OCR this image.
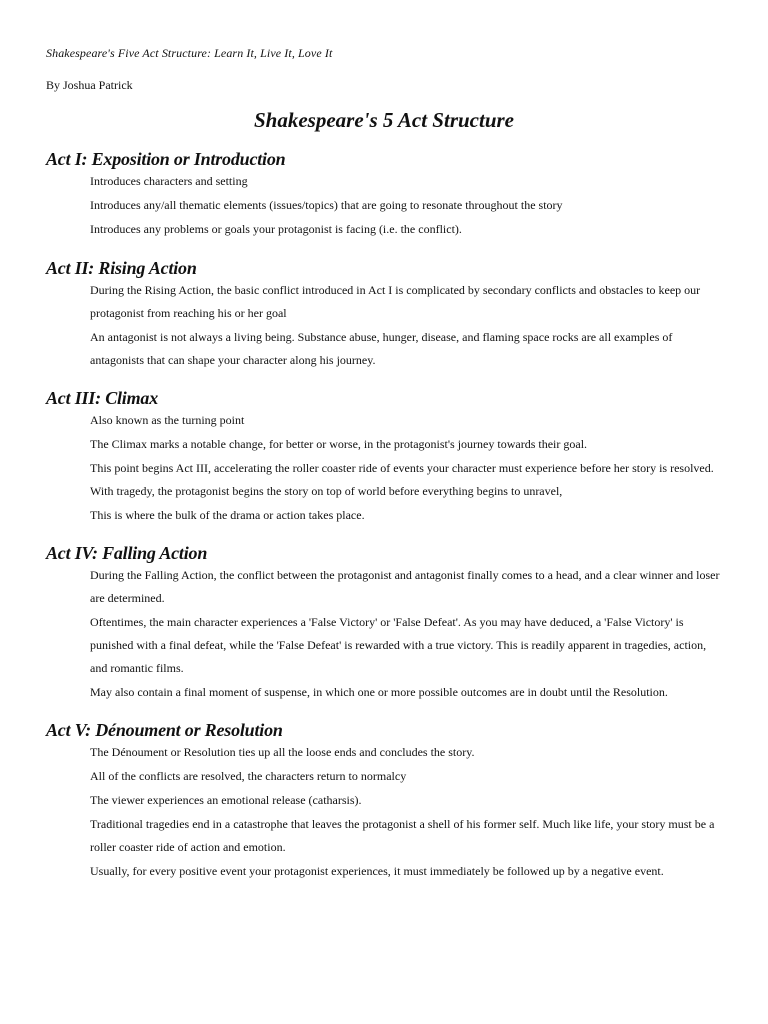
Shakespeare's Five Act Structure: Learn It, Live It, Love It
By Joshua Patrick
Shakespeare's 5 Act Structure
Act I: Exposition or Introduction

Introduces characters and setting

Introduces any/all thematic elements (issues/topics) that are going to resonate throughout the story

Introduces any problems or goals your protagonist is facing (i.e. the conflict).

Act II: Rising Action

During the Rising Action, the basic conflict introduced in Act I is complicated by secondary conflicts and obstacles to keep our protagonist from reaching his or her goal

An antagonist is not always a living being. Substance abuse, hunger, disease, and flaming space rocks are all examples of antagonists that can shape your character along his journey.

Act III: Climax

Also known as the turning point

The Climax marks a notable change, for better or worse, in the protagonist's journey towards their goal.

This point begins Act III, accelerating the roller coaster ride of events your character must experience before her story is resolved. With tragedy, the protagonist begins the story on top of world before everything begins to unravel,

This is where the bulk of the drama or action takes place.

Act IV: Falling Action

During the Falling Action, the conflict between the protagonist and antagonist finally comes to a head, and a clear winner and loser are determined.

Oftentimes, the main character experiences a 'False Victory' or 'False Defeat'. As you may have deduced, a 'False Victory' is punished with a final defeat, while the 'False Defeat' is rewarded with a true victory. This is readily apparent in tragedies, action, and romantic films.

May also contain a final moment of suspense, in which one or more possible outcomes are in doubt until the Resolution.

Act V: Dénoument or Resolution

The Dénoument or Resolution ties up all the loose ends and concludes the story.

All of the conflicts are resolved, the characters return to normalcy

The viewer experiences an emotional release (catharsis).

Traditional tragedies end in a catastrophe that leaves the protagonist a shell of his former self. Much like life, your story must be a roller coaster ride of action and emotion.

Usually, for every positive event your protagonist experiences, it must immediately be followed up by a negative event.
